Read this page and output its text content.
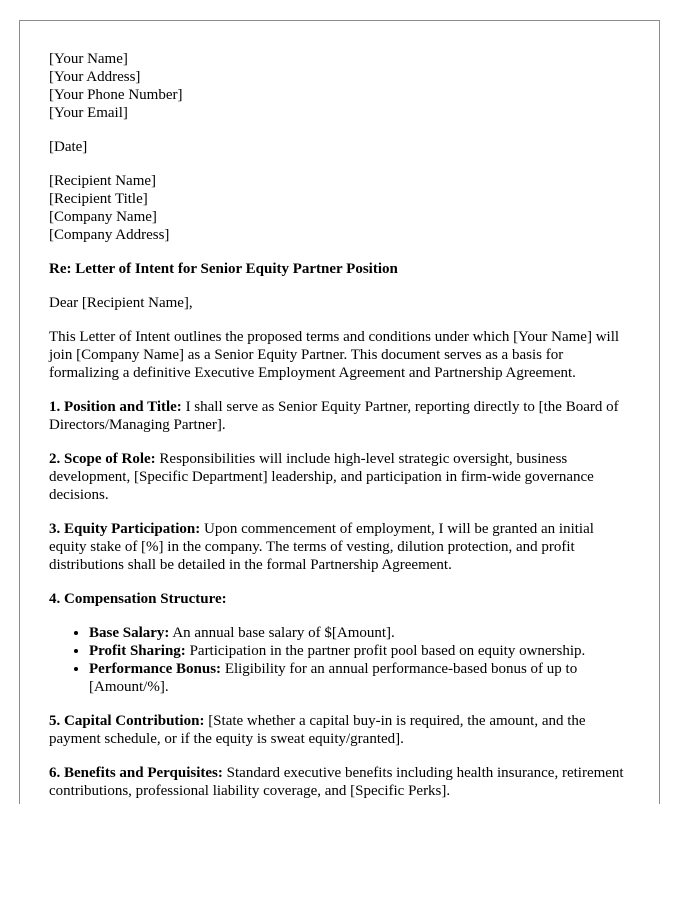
[Your Name]
[Your Address]
[Your Phone Number]
[Your Email]
[Date]
[Recipient Name]
[Recipient Title]
[Company Name]
[Company Address]

Re: Letter of Intent for Senior Equity Partner Position

Dear [Recipient Name],

This Letter of Intent outlines the proposed terms and conditions under which [Your Name] will join [Company Name] as a Senior Equity Partner. This document serves as a basis for formalizing a definitive Executive Employment Agreement and Partnership Agreement.

1. Position and Title: I shall serve as Senior Equity Partner, reporting directly to [the Board of Directors/Managing Partner].

2. Scope of Role: Responsibilities will include high-level strategic oversight, business development, [Specific Department] leadership, and participation in firm-wide governance decisions.

3. Equity Participation: Upon commencement of employment, I will be granted an initial equity stake of [%] in the company. The terms of vesting, dilution protection, and profit distributions shall be detailed in the formal Partnership Agreement.

4. Compensation Structure:

• Base Salary: An annual base salary of $[Amount].
• Profit Sharing: Participation in the partner profit pool based on equity ownership.
• Performance Bonus: Eligibility for an annual performance-based bonus of up to [Amount/%].

5. Capital Contribution: [State whether a capital buy-in is required, the amount, and the payment schedule, or if the equity is sweat equity/granted].

6. Benefits and Perquisites: Standard executive benefits including health insurance, retirement contributions, professional liability coverage, and [Specific Perks].
